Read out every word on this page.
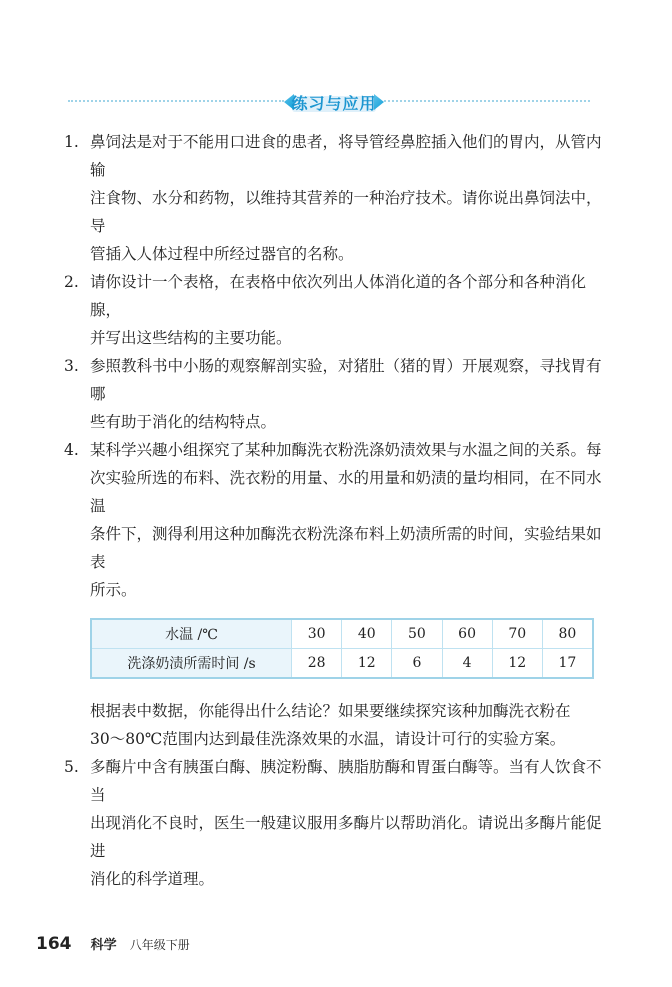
练习与应用
1. 鼻饲法是对于不能用口进食的患者，将导管经鼻腔插入他们的胃内，从管内输

注食物、水分和药物，以维持其营养的一种治疗技术。请你说出鼻饲法中，导

管插入人体过程中所经过器官的名称。

2. 请你设计一个表格，在表格中依次列出人体消化道的各个部分和各种消化腺，

并写出这些结构的主要功能。

3. 参照教科书中小肠的观察解剖实验，对猪肚（猪的胃）开展观察，寻找胃有哪

些有助于消化的结构特点。

4. 某科学兴趣小组探究了某种加酶洗衣粉洗涤奶渍效果与水温之间的关系。每

次实验所选的布料、洗衣粉的用量、水的用量和奶渍的量均相同，在不同水温

条件下，测得利用这种加酶洗衣粉洗涤布料上奶渍所需的时间，实验结果如表

所示。

水温 /℃	30	40	50	60	70	80
洗涤奶渍所需时间 /s	28	12	6	4	12	17

根据表中数据，你能得出什么结论？如果要继续探究该种加酶洗衣粉在

30～80℃范围内达到最佳洗涤效果的水温，请设计可行的实验方案。

5. 多酶片中含有胰蛋白酶、胰淀粉酶、胰脂肪酶和胃蛋白酶等。当有人饮食不当

出现消化不良时，医生一般建议服用多酶片以帮助消化。请说出多酶片能促进

消化的科学道理。

164 科学 八年级下册
